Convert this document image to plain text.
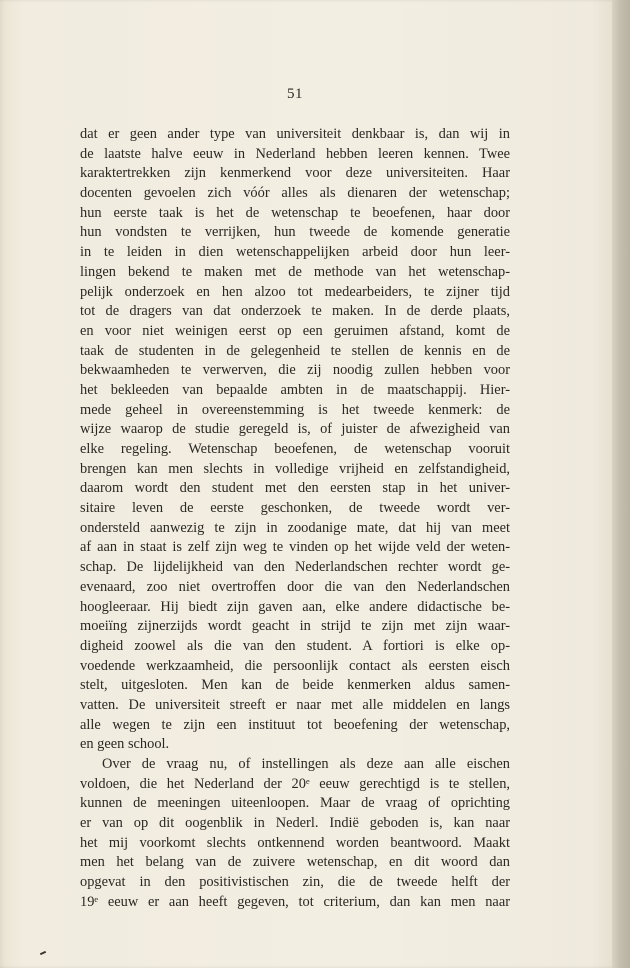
51
dat er geen ander type van universiteit denkbaar is, dan wij in
de laatste halve eeuw in Nederland hebben leeren kennen. Twee
karaktertrekken zijn kenmerkend voor deze universiteiten. Haar
docenten gevoelen zich vóór alles als dienaren der wetenschap;
hun eerste taak is het de wetenschap te beoefenen, haar door
hun vondsten te verrijken, hun tweede de komende generatie
in te leiden in dien wetenschappelijken arbeid door hun leer-
lingen bekend te maken met de methode van het wetenschap-
pelijk onderzoek en hen alzoo tot medearbeiders, te zijner tijd
tot de dragers van dat onderzoek te maken. In de derde plaats,
en voor niet weinigen eerst op een geruimen afstand, komt de
taak de studenten in de gelegenheid te stellen de kennis en de
bekwaamheden te verwerven, die zij noodig zullen hebben voor
het bekleeden van bepaalde ambten in de maatschappij. Hier-
mede geheel in overeenstemming is het tweede kenmerk: de
wijze waarop de studie geregeld is, of juister de afwezigheid van
elke regeling. Wetenschap beoefenen, de wetenschap vooruit
brengen kan men slechts in volledige vrijheid en zelfstandigheid,
daarom wordt den student met den eersten stap in het univer-
sitaire leven de eerste geschonken, de tweede wordt ver-
ondersteld aanwezig te zijn in zoodanige mate, dat hij van meet
af aan in staat is zelf zijn weg te vinden op het wijde veld der weten-
schap. De lijdelijkheid van den Nederlandschen rechter wordt ge-
evenaard, zoo niet overtroffen door die van den Nederlandschen
hoogleeraar. Hij biedt zijn gaven aan, elke andere didactische be-
moeiïng zijnerzijds wordt geacht in strijd te zijn met zijn waar-
digheid zoowel als die van den student. A fortiori is elke op-
voedende werkzaamheid, die persoonlijk contact als eersten eisch
stelt, uitgesloten. Men kan de beide kenmerken aldus samen-
vatten. De universiteit streeft er naar met alle middelen en langs
alle wegen te zijn een instituut tot beoefening der wetenschap,
en geen school.
Over de vraag nu, of instellingen als deze aan alle eischen
voldoen, die het Nederland der 20ᵉ eeuw gerechtigd is te stellen,
kunnen de meeningen uiteenloopen. Maar de vraag of oprichting
er van op dit oogenblik in Nederl. Indië geboden is, kan naar
het mij voorkomt slechts ontkennend worden beantwoord. Maakt
men het belang van de zuivere wetenschap, en dit woord dan
opgevat in den positivistischen zin, die de tweede helft der
19ᵉ eeuw er aan heeft gegeven, tot criterium, dan kan men naar
